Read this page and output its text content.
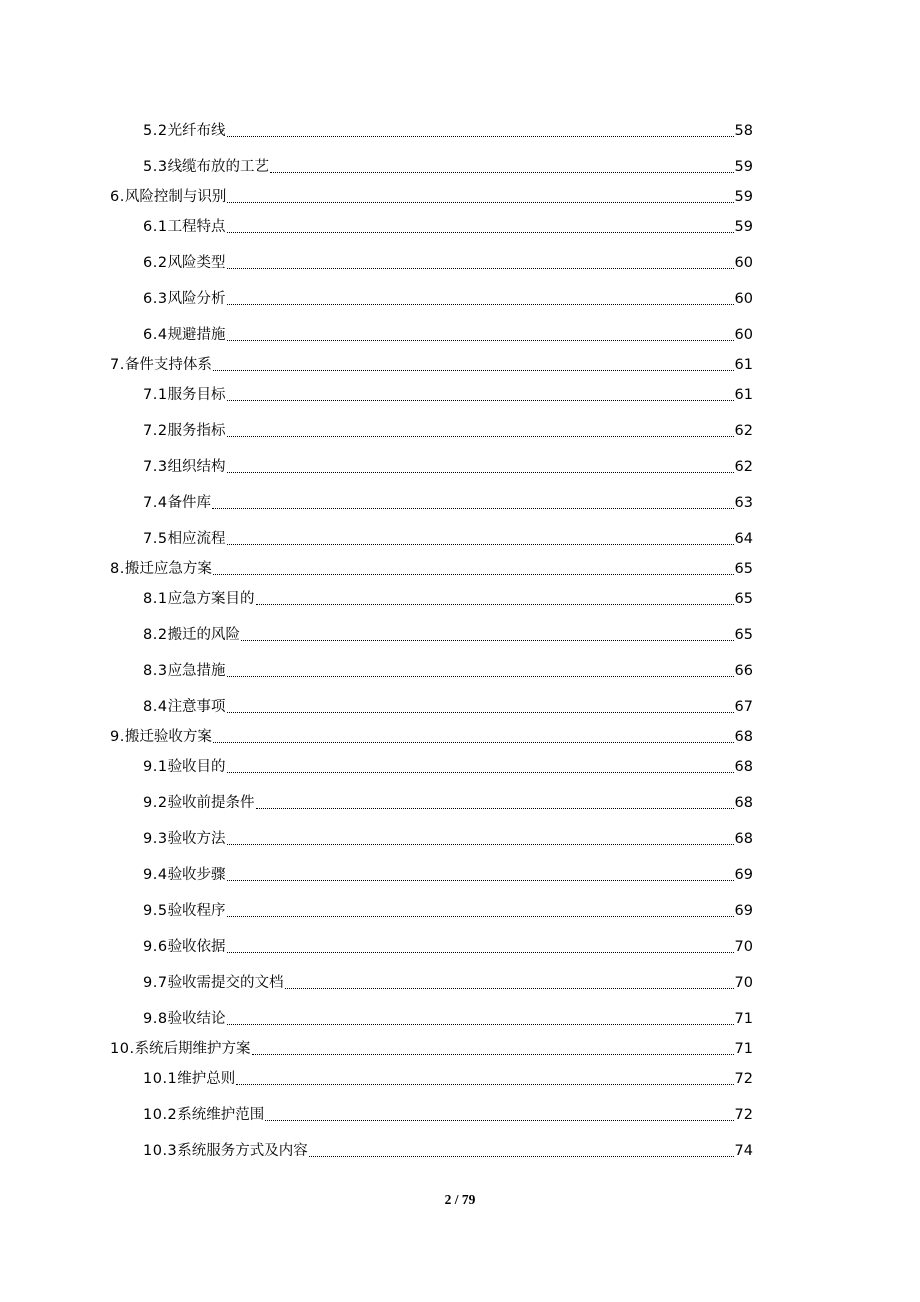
5.2 光纤布线	58
5.3 线缆布放的工艺	59
6. 风险控制与识别	59
6.1 工程特点	59
6.2 风险类型	60
6.3 风险分析	60
6.4 规避措施	60
7. 备件支持体系	61
7.1 服务目标	61
7.2 服务指标	62
7.3 组织结构	62
7.4 备件库	63
7.5 相应流程	64
8. 搬迁应急方案	65
8.1 应急方案目的	65
8.2 搬迁的风险	65
8.3 应急措施	66
8.4 注意事项	67
9. 搬迁验收方案	68
9.1 验收目的	68
9.2 验收前提条件	68
9.3 验收方法	68
9.4 验收步骤	69
9.5 验收程序	69
9.6 验收依据	70
9.7 验收需提交的文档	70
9.8 验收结论	71
10. 系统后期维护方案	71
10.1 维护总则	72
10.2 系统维护范围	72
10.3 系统服务方式及内容	74
2 / 79
